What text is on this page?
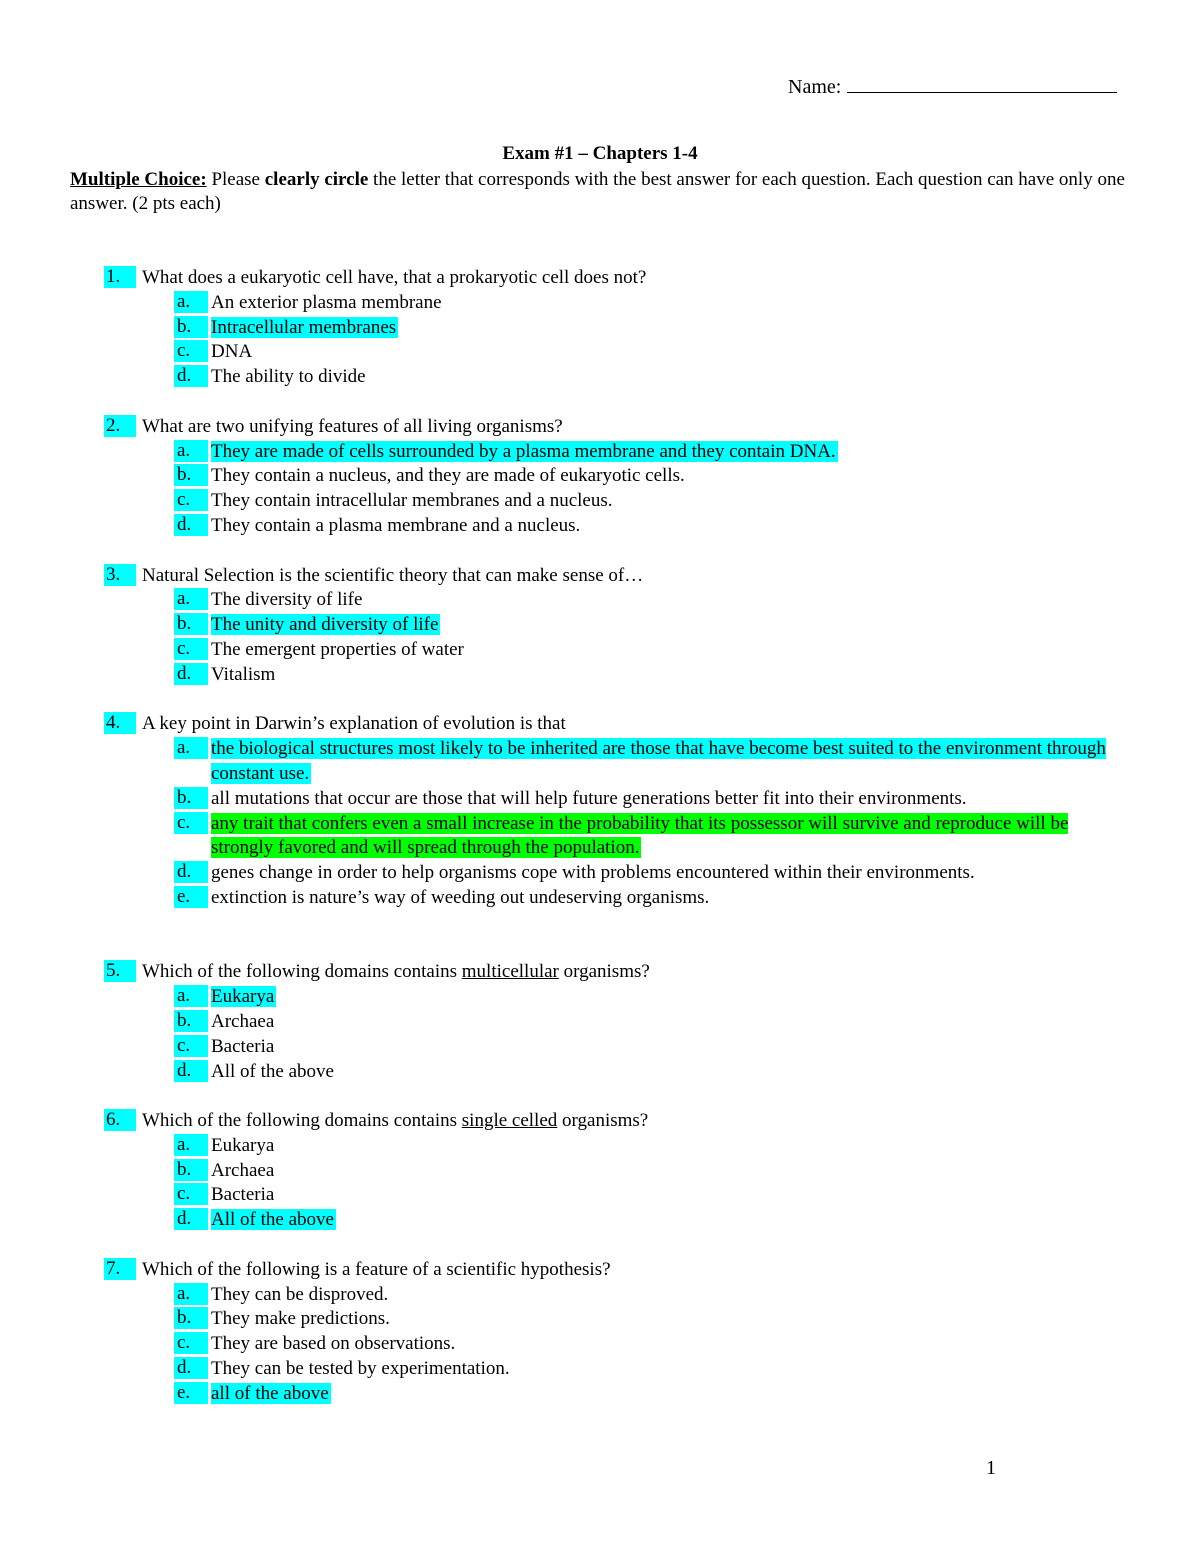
Name:
Exam #1 – Chapters 1-4
Multiple Choice: Please clearly circle the letter that corresponds with the best answer for each question. Each question can have only one answer. (2 pts each)
1.	What does a eukaryotic cell have, that a prokaryotic cell does not?
a.	An exterior plasma membrane
b.	Intracellular membranes
c.	DNA
d.	The ability to divide
2.	What are two unifying features of all living organisms?
a.	They are made of cells surrounded by a plasma membrane and they contain DNA.
b.	They contain a nucleus, and they are made of eukaryotic cells.
c.	They contain intracellular membranes and a nucleus.
d.	They contain a plasma membrane and a nucleus.
3.	Natural Selection is the scientific theory that can make sense of…
a.	The diversity of life
b.	The unity and diversity of life
c.	The emergent properties of water
d.	Vitalism
4.	A key point in Darwin’s explanation of evolution is that
a.	the biological structures most likely to be inherited are those that have become best suited to the environment through constant use.
b.	all mutations that occur are those that will help future generations better fit into their environments.
c.	any trait that confers even a small increase in the probability that its possessor will survive and reproduce will be strongly favored and will spread through the population.
d.	genes change in order to help organisms cope with problems encountered within their environments.
e.	extinction is nature’s way of weeding out undeserving organisms.
5.	Which of the following domains contains multicellular organisms?
a.	Eukarya
b.	Archaea
c.	Bacteria
d.	All of the above
6.	Which of the following domains contains single celled organisms?
a.	Eukarya
b.	Archaea
c.	Bacteria
d.	All of the above
7.	Which of the following is a feature of a scientific hypothesis?
a.	They can be disproved.
b.	They make predictions.
c.	They are based on observations.
d.	They can be tested by experimentation.
e.	all of the above
1
